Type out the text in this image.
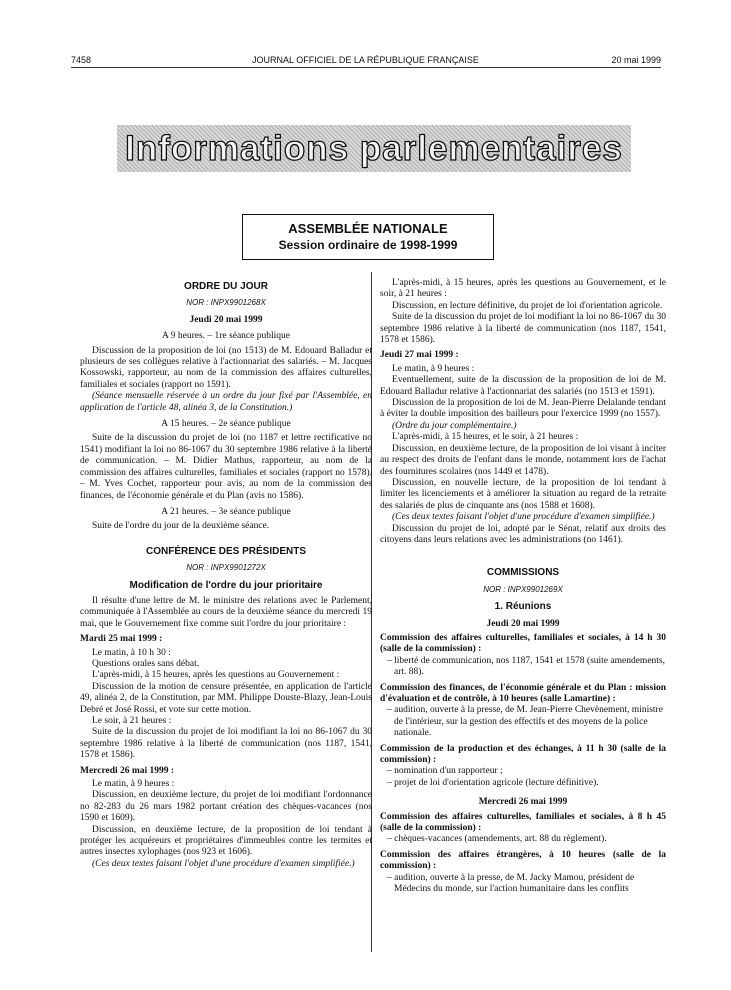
7458	JOURNAL OFFICIEL DE LA RÉPUBLIQUE FRANÇAISE	20 mai 1999
Informations parlementaires
ASSEMBLÉE NATIONALE
Session ordinaire de 1998-1999
ORDRE DU JOUR
NOR : INPX9901268X
Jeudi 20 mai 1999
A 9 heures. – 1re séance publique

Discussion de la proposition de loi (no 1513) de M. Edouard Balladur et plusieurs de ses collègues relative à l'actionnariat des salariés. – M. Jacques Kossowski, rapporteur, au nom de la commission des affaires culturelles, familiales et sociales (rapport no 1591).

(Séance mensuelle réservée à un ordre du jour fixé par l'Assemblée, en application de l'article 48, alinéa 3, de la Constitution.)

A 15 heures. – 2e séance publique

Suite de la discussion du projet de loi (no 1187 et lettre rectificative no 1541) modifiant la loi no 86-1067 du 30 septembre 1986 relative à la liberté de communication. – M. Didier Mathus, rapporteur, au nom de la commission des affaires culturelles, familiales et sociales (rapport no 1578). – M. Yves Cochet, rapporteur pour avis, au nom de la commission des finances, de l'économie générale et du Plan (avis no 1586).

A 21 heures. – 3e séance publique

Suite de l'ordre du jour de la deuxième séance.

CONFÉRENCE DES PRÉSIDENTS
NOR : INPX9901272X
Modification de l'ordre du jour prioritaire

Il résulte d'une lettre de M. le ministre des relations avec le Parlement, communiquée à l'Assemblée au cours de la deuxième séance du mercredi 19 mai, que le Gouvernement fixe comme suit l'ordre du jour prioritaire :

Mardi 25 mai 1999 :

Le matin, à 10 h 30 :

Questions orales sans débat.

L'après-midi, à 15 heures, après les questions au Gouvernement :

Discussion de la motion de censure présentée, en application de l'article 49, alinéa 2, de la Constitution, par MM. Philippe Douste-Blazy, Jean-Louis Debré et José Rossi, et vote sur cette motion.

Le soir, à 21 heures :

Suite de la discussion du projet de loi modifiant la loi no 86-1067 du 30 septembre 1986 relative à la liberté de communication (nos 1187, 1541, 1578 et 1586).

Mercredi 26 mai 1999 :

Le matin, à 9 heures :

Discussion, en deuxième lecture, du projet de loi modifiant l'ordonnance no 82-283 du 26 mars 1982 portant création des chèques-vacances (nos 1590 et 1609).

Discussion, en deuxième lecture, de la proposition de loi tendant à protéger les acquéreurs et propriétaires d'immeubles contre les termites et autres insectes xylophages (nos 923 et 1606).

(Ces deux textes faisant l'objet d'une procédure d'examen simplifiée.)

L'après-midi, à 15 heures, après les questions au Gouvernement, et le soir, à 21 heures :

Discussion, en lecture définitive, du projet de loi d'orientation agricole.

Suite de la discussion du projet de loi modifiant la loi no 86-1067 du 30 septembre 1986 relative à la liberté de communication (nos 1187, 1541, 1578 et 1586).

Jeudi 27 mai 1999 :

Le matin, à 9 heures :

Eventuellement, suite de la discussion de la proposition de loi de M. Edouard Balladur relative à l'actionnariat des salariés (no 1513 et 1591).

Discussion de la proposition de loi de M. Jean-Pierre Delalande tendant à éviter la double imposition des bailleurs pour l'exercice 1999 (no 1557).

(Ordre du jour complémentaire.)

L'après-midi, à 15 heures, et le soir, à 21 heures :

Discussion, en deuxième lecture, de la proposition de loi visant à inciter au respect des droits de l'enfant dans le monde, notamment lors de l'achat des fournitures scolaires (nos 1449 et 1478).

Discussion, en nouvelle lecture, de la proposition de loi tendant à limiter les licenciements et à améliorer la situation au regard de la retraite des salariés de plus de cinquante ans (nos 1588 et 1608).

(Ces deux textes faisant l'objet d'une procédure d'examen simplifiée.)

Discussion du projet de loi, adopté par le Sénat, relatif aux droits des citoyens dans leurs relations avec les administrations (no 1461).

COMMISSIONS
NOR : INPX9901269X
1. Réunions
Jeudi 20 mai 1999

Commission des affaires culturelles, familiales et sociales, à 14 h 30 (salle de la commission) :

– liberté de communication, nos 1187, 1541 et 1578 (suite amendements, art. 88).

Commission des finances, de l'économie générale et du Plan : mission d'évaluation et de contrôle, à 10 heures (salle Lamartine) :

– audition, ouverte à la presse, de M. Jean-Pierre Chevènement, ministre de l'intérieur, sur la gestion des effectifs et des moyens de la police nationale.

Commission de la production et des échanges, à 11 h 30 (salle de la commission) :

– nomination d'un rapporteur ;

– projet de loi d'orientation agricole (lecture définitive).

Mercredi 26 mai 1999

Commission des affaires culturelles, familiales et sociales, à 8 h 45 (salle de la commission) :

– chèques-vacances (amendements, art. 88 du règlement).

Commission des affaires étrangères, à 10 heures (salle de la commission) :

– audition, ouverte à la presse, de M. Jacky Mamou, président de Médecins du monde, sur l'action humanitaire dans les conflits
